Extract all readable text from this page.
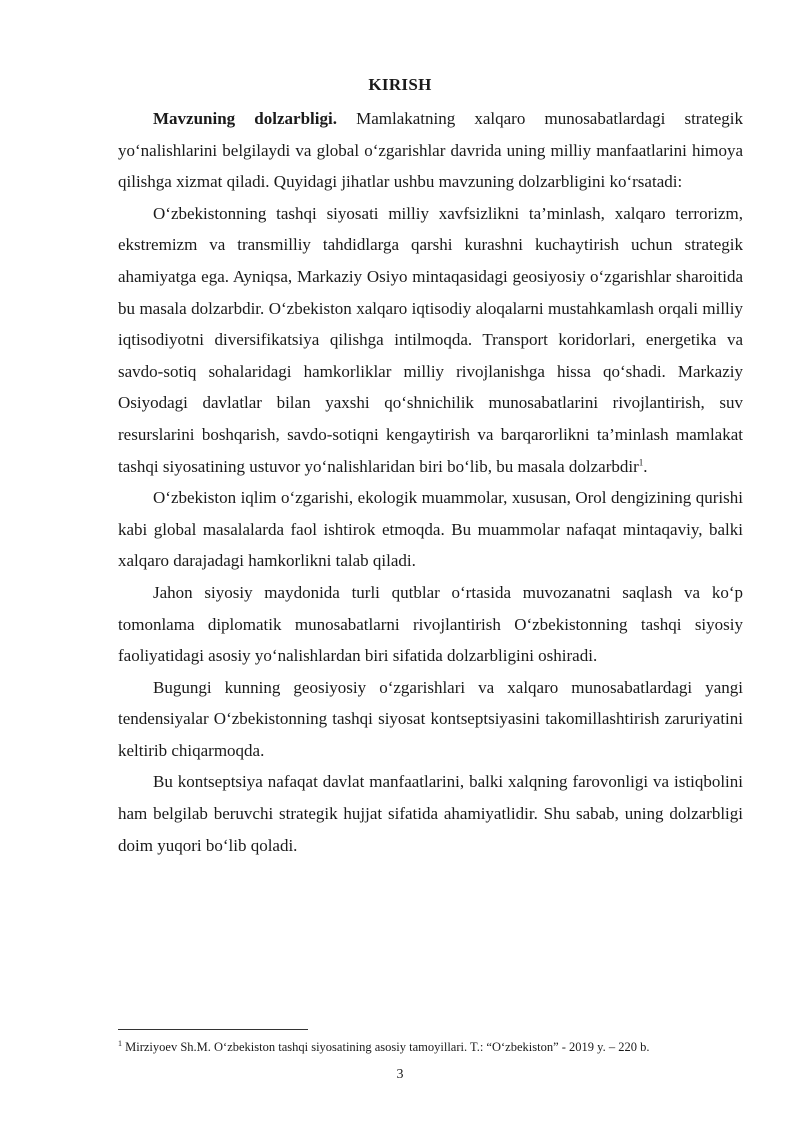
KIRISH

Mavzuning dolzarbligi. Mamlakatning xalqaro munosabatlardagi strategik yo‘nalishlarini belgilaydi va global o‘zgarishlar davrida uning milliy manfaatlarini himoya qilishga xizmat qiladi. Quyidagi jihatlar ushbu mavzuning dolzarbligini ko‘rsatadi:

O‘zbekistonning tashqi siyosati milliy xavfsizlikni ta’minlash, xalqaro terrorizm, ekstremizm va transmilliy tahdidlarga qarshi kurashni kuchaytirish uchun strategik ahamiyatga ega. Ayniqsa, Markaziy Osiyo mintaqasidagi geosiyosiy o‘zgarishlar sharoitida bu masala dolzarbdir. O‘zbekiston xalqaro iqtisodiy aloqalarni mustahkamlash orqali milliy iqtisodiyotni diversifikatsiya qilishga intilmoqda. Transport koridorlari, energetika va savdo-sotiq sohalaridagi hamkorliklar milliy rivojlanishga hissa qo‘shadi. Markaziy Osiyodagi davlatlar bilan yaxshi qo‘shnichilik munosabatlarini rivojlantirish, suv resurslarini boshqarish, savdo-sotiqni kengaytirish va barqarorlikni ta’minlash mamlakat tashqi siyosatining ustuvor yo‘nalishlaridan biri bo‘lib, bu masala dolzarbdir$^1$.

O‘zbekiston iqlim o‘zgarishi, ekologik muammolar, xususan, Orol dengizining qurishi kabi global masalalarda faol ishtirok etmoqda. Bu muammolar nafaqat mintaqaviy, balki xalqaro darajadagi hamkorlikni talab qiladi.

Jahon siyosiy maydonida turli qutblar o‘rtasida muvozanatni saqlash va ko‘p tomonlama diplomatik munosabatlarni rivojlantirish O‘zbekistonning tashqi siyosiy faoliyatidagi asosiy yo‘nalishlardan biri sifatida dolzarbligini oshiradi.

Bugungi kunning geosiyosiy o‘zgarishlari va xalqaro munosabatlardagi yangi tendensiyalar O‘zbekistonning tashqi siyosat kontseptsiyasini takomillashtirish zaruriyatini keltirib chiqarmoqda.

Bu kontseptsiya nafaqat davlat manfaatlarini, balki xalqning farovonligi va istiqbolini ham belgilab beruvchi strategik hujjat sifatida ahamiyatlidir. Shu sabab, uning dolzarbligi doim yuqori bo‘lib qoladi.

$^1$ Mirziyoev Sh.M. O‘zbekiston tashqi siyosatining asosiy tamoyillari. T.: “O‘zbekiston” - 2019 y. – 220 b.
3
